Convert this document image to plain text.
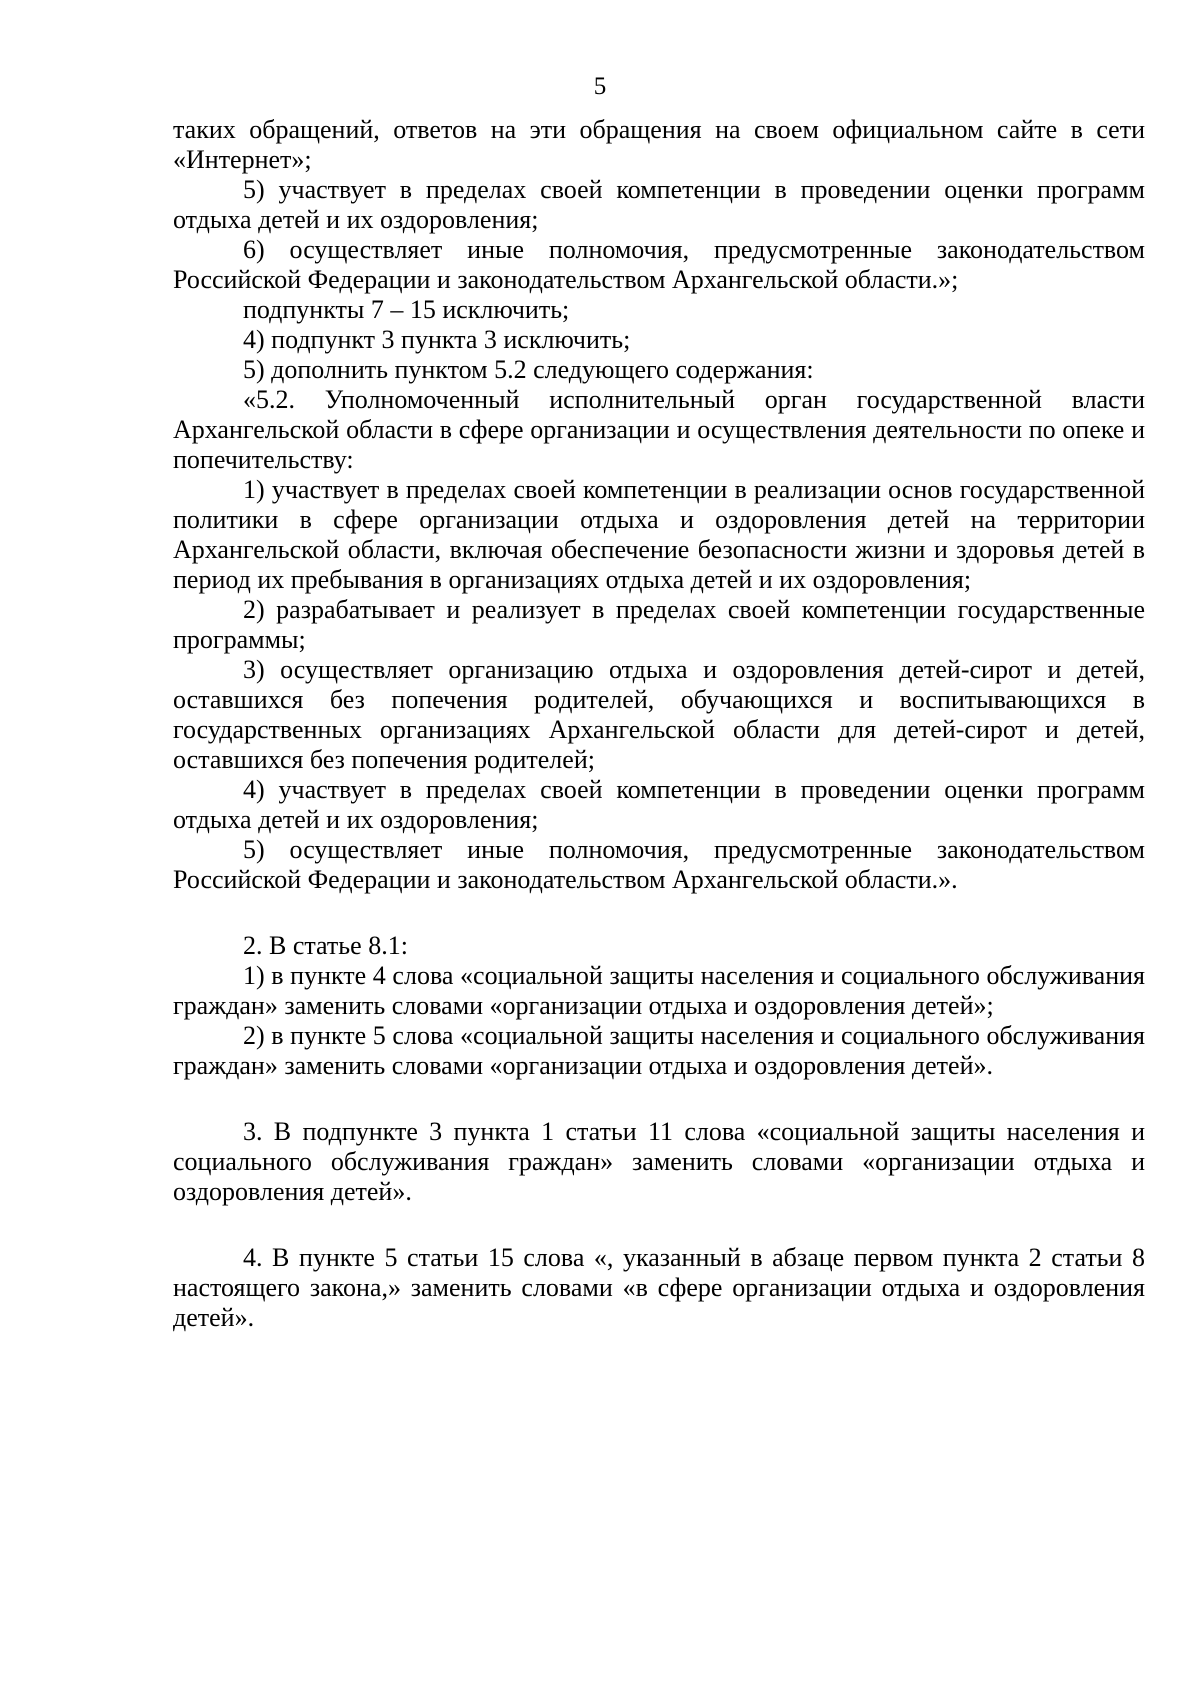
5

таких обращений, ответов на эти обращения на своем официальном сайте в сети «Интернет»;

5) участвует в пределах своей компетенции в проведении оценки программ отдыха детей и их оздоровления;

6) осуществляет иные полномочия, предусмотренные законодательством Российской Федерации и законодательством Архангельской области.»;

подпункты 7 – 15 исключить;

4) подпункт 3 пункта 3 исключить;

5) дополнить пунктом 5.2 следующего содержания:

«5.2. Уполномоченный исполнительный орган государственной власти Архангельской области в сфере организации и осуществления деятельности по опеке и попечительству:

1) участвует в пределах своей компетенции в реализации основ государственной политики в сфере организации отдыха и оздоровления детей на территории Архангельской области, включая обеспечение безопасности жизни и здоровья детей в период их пребывания в организациях отдыха детей и их оздоровления;

2) разрабатывает и реализует в пределах своей компетенции государственные программы;

3) осуществляет организацию отдыха и оздоровления детей-сирот и детей, оставшихся без попечения родителей, обучающихся и воспитывающихся в государственных организациях Архангельской области для детей-сирот и детей, оставшихся без попечения родителей;

4) участвует в пределах своей компетенции в проведении оценки программ отдыха детей и их оздоровления;

5) осуществляет иные полномочия, предусмотренные законодательством Российской Федерации и законодательством Архангельской области.».

2. В статье 8.1:

1) в пункте 4 слова «социальной защиты населения и социального обслуживания граждан» заменить словами «организации отдыха и оздоровления детей»;

2) в пункте 5 слова «социальной защиты населения и социального обслуживания граждан» заменить словами «организации отдыха и оздоровления детей».

3. В подпункте 3 пункта 1 статьи 11 слова «социальной защиты населения и социального обслуживания граждан» заменить словами «организации отдыха и оздоровления детей».

4. В пункте 5 статьи 15 слова «, указанный в абзаце первом пункта 2 статьи 8 настоящего закона,» заменить словами «в сфере организации отдыха и оздоровления детей».
